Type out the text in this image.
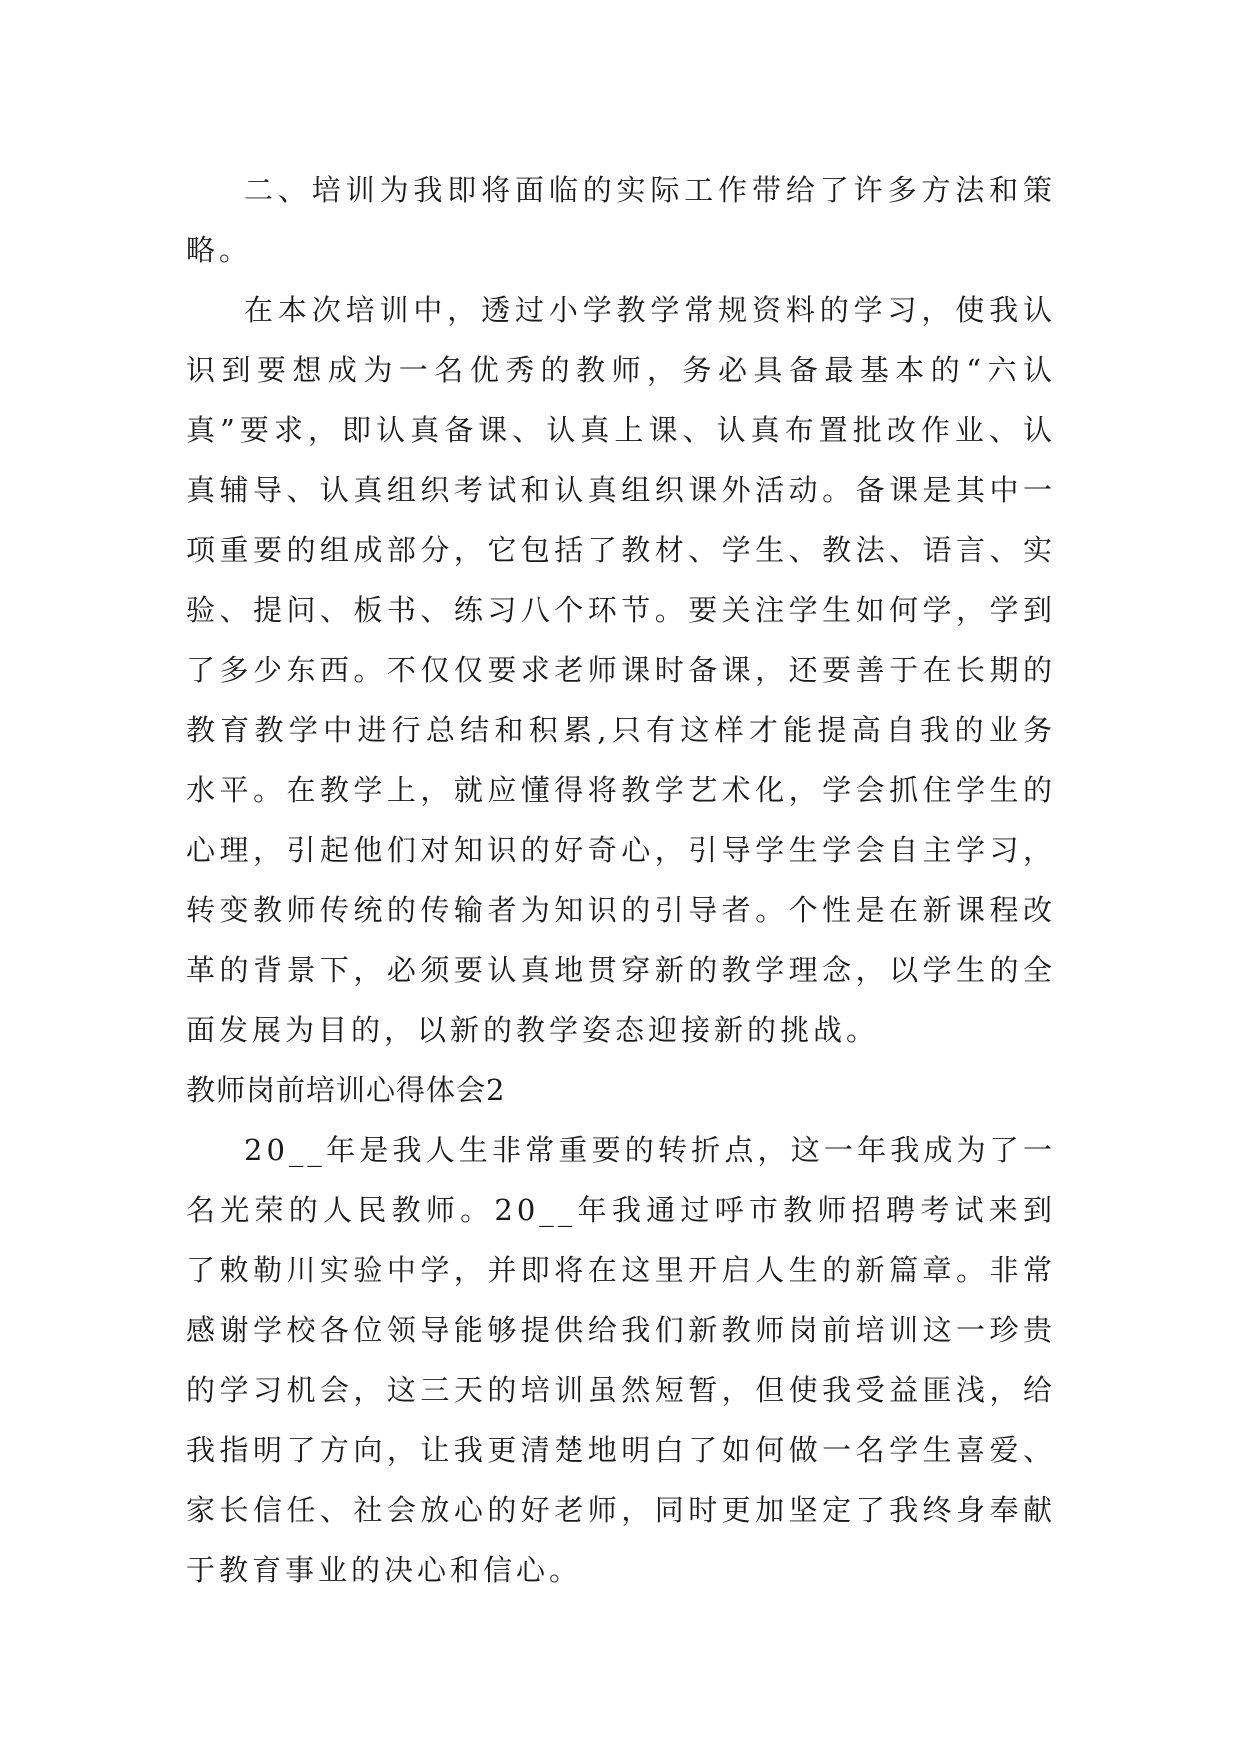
二、培训为我即将面临的实际工作带给了许多方法和策略。

在本次培训中，透过小学教学常规资料的学习，使我认识到要想成为一名优秀的教师，务必具备最基本的“六认真”要求，即认真备课、认真上课、认真布置批改作业、认真辅导、认真组织考试和认真组织课外活动。备课是其中一项重要的组成部分，它包括了教材、学生、教法、语言、实验、提问、板书、练习八个环节。要关注学生如何学，学到了多少东西。不仅仅要求老师课时备课，还要善于在长期的教育教学中进行总结和积累,只有这样才能提高自我的业务水平。在教学上，就应懂得将教学艺术化，学会抓住学生的心理，引起他们对知识的好奇心，引导学生学会自主学习，转变教师传统的传输者为知识的引导者。个性是在新课程改革的背景下，必须要认真地贯穿新的教学理念，以学生的全面发展为目的，以新的教学姿态迎接新的挑战。

教师岗前培训心得体会2

20__年是我人生非常重要的转折点，这一年我成为了一名光荣的人民教师。20__年我通过呼市教师招聘考试来到了敕勒川实验中学，并即将在这里开启人生的新篇章。非常感谢学校各位领导能够提供给我们新教师岗前培训这一珍贵的学习机会，这三天的培训虽然短暂，但使我受益匪浅，给我指明了方向，让我更清楚地明白了如何做一名学生喜爱、家长信任、社会放心的好老师，同时更加坚定了我终身奉献于教育事业的决心和信心。
